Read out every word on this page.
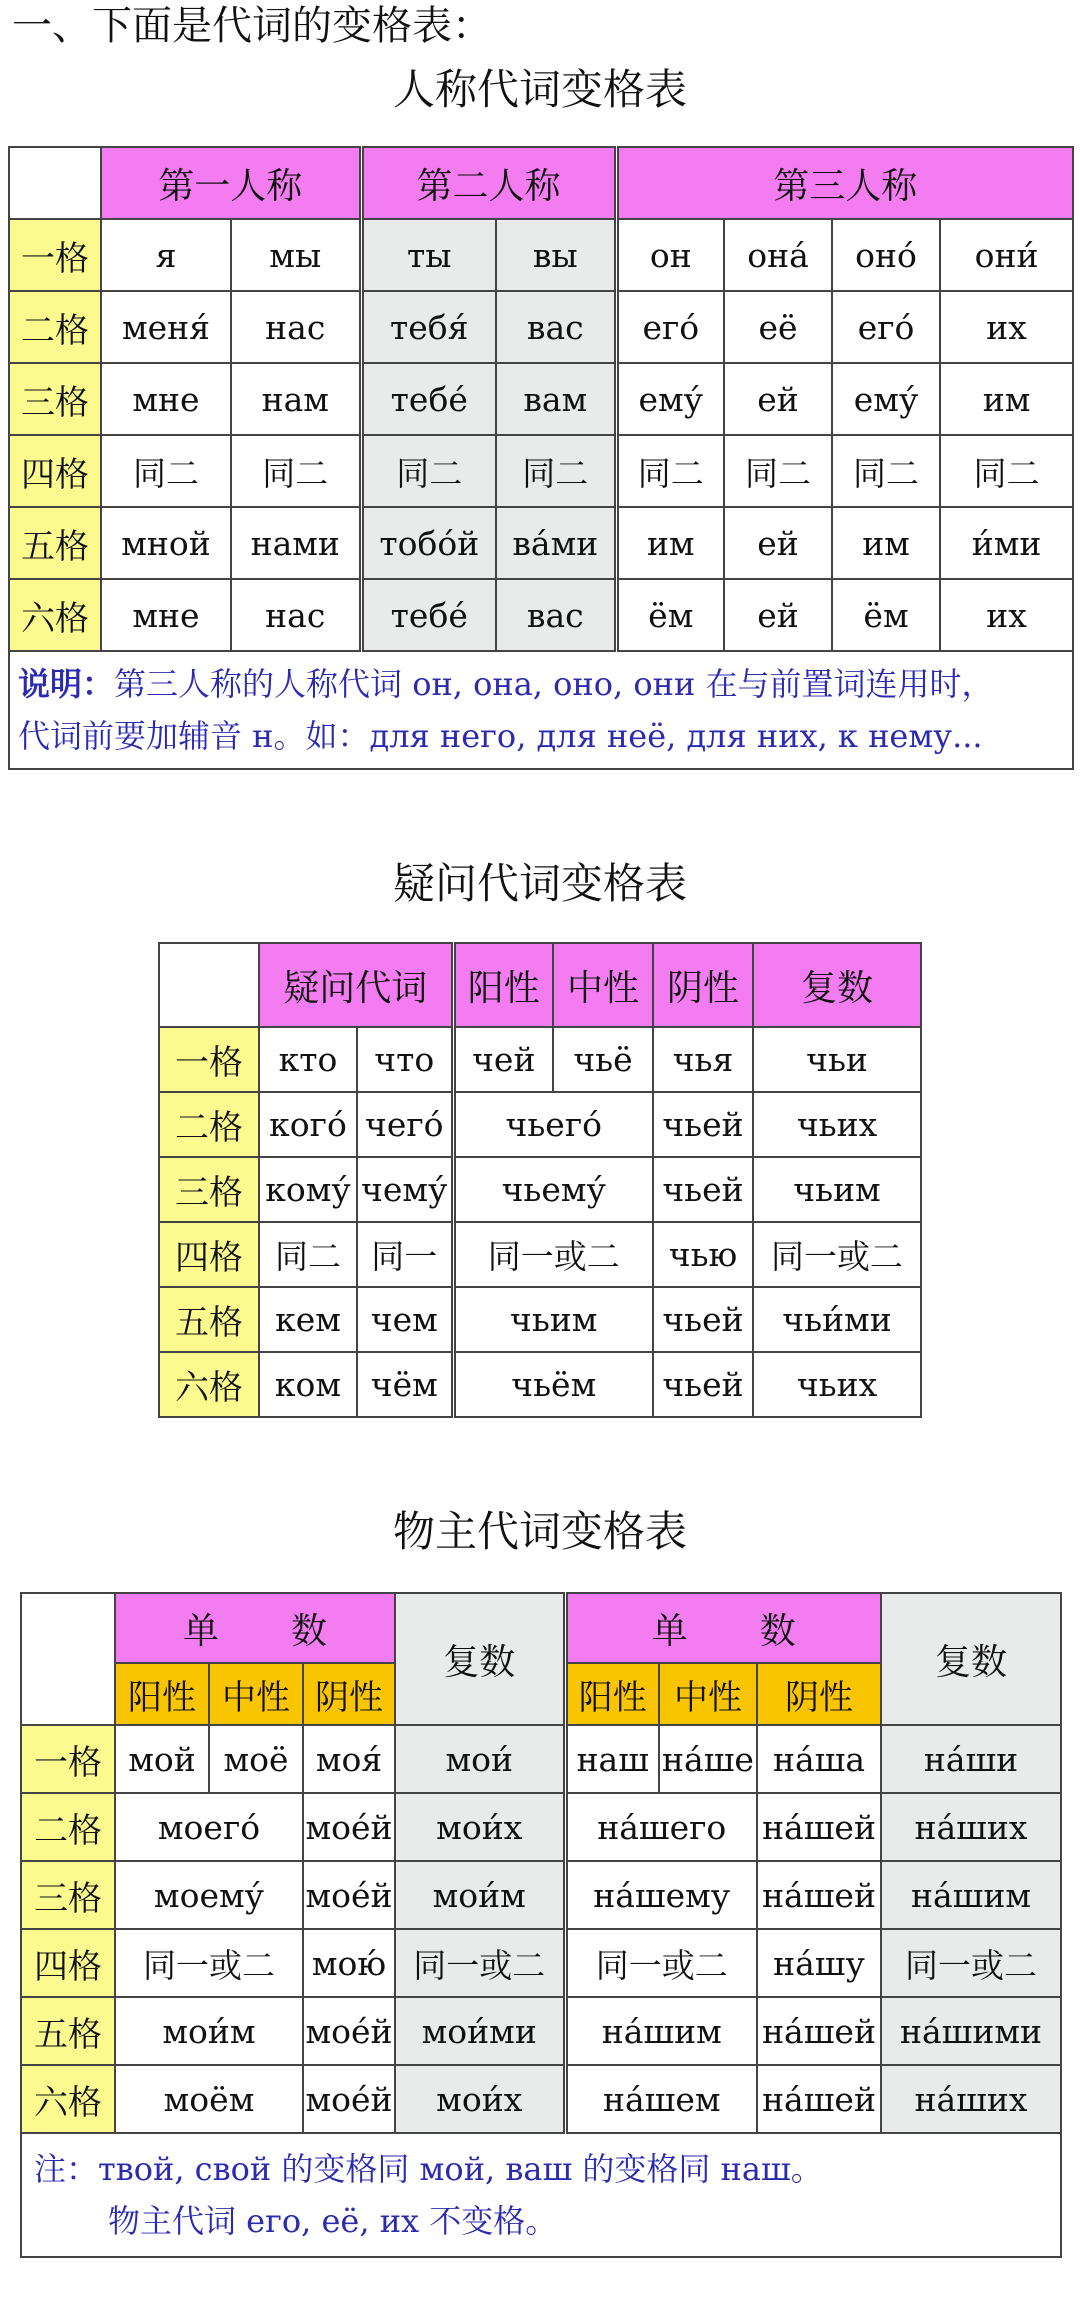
一、下面是代词的变格表：
人称代词变格表
	第一人称		第二人称		第三人称			
一格	я	мы	ты	вы	он	она́	оно́	они́
二格	меня́	нас	тебя́	вас	его́	её	его́	их
三格	мне	нам	тебе́	вам	ему́	ей	ему́	им
四格	同二	同二	同二	同二	同二	同二	同二	同二
五格	мной	нами	тобо́й	ва́ми	им	ей	им	и́ми
六格	мне	нас	тебе́	вас	ём	ей	ём	их

说明：第三人称的人称代词 он, она, оно, они 在与前置词连用时，
代词前要加辅音 н。如：для него, для неё, для них, к нему...								
疑问代词变格表
	疑问代词		阳性	中性	阴性	复数
一格	кто	что	чей	чьё	чья	чьи
二格	кого́	чего́	чьего́		чьей	чьих
三格	кому́	чему́	чьему́		чьей	чьим
四格	同二	同一	同一或二		чью	同一或二
五格	кем	чем	чьим		чьей	чьи́ми
六格	ком	чём	чьём		чьей	чьих
物主代词变格表
	单　　数			复数	单　　数			复数
	阳性	中性	阴性		阳性	中性	阴性	
一格	мой	моё	моя́	мои́	наш	на́ше	на́ша	на́ши
二格	моего́		моéй	мои́х	на́шего		на́шей	на́ших
三格	моему́		моéй	мои́м	на́шему		на́шей	на́шим
四格	同一或二		мою́	同一或二	同一或二		на́шу	同一或二
五格	мои́м		моéй	мои́ми	на́шим		на́шей	на́шими
六格	моём		моéй	мои́х	на́шем		на́шей	на́ших

注：твой, свой 的变格同 мой, ваш 的变格同 наш。
物主代词 его, её, их 不变格。								
